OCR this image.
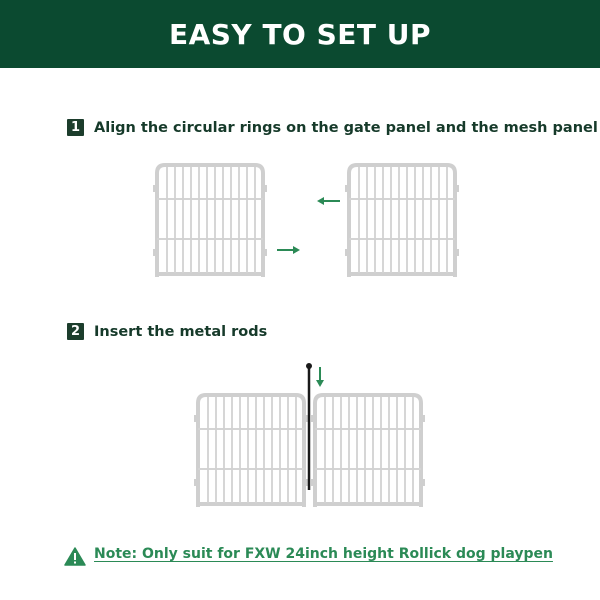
EASY TO SET UP
1 Align the circular rings on the gate panel and the mesh panel
2 Insert the metal rods
Note: Only suit for FXW 24inch height Rollick dog playpen
